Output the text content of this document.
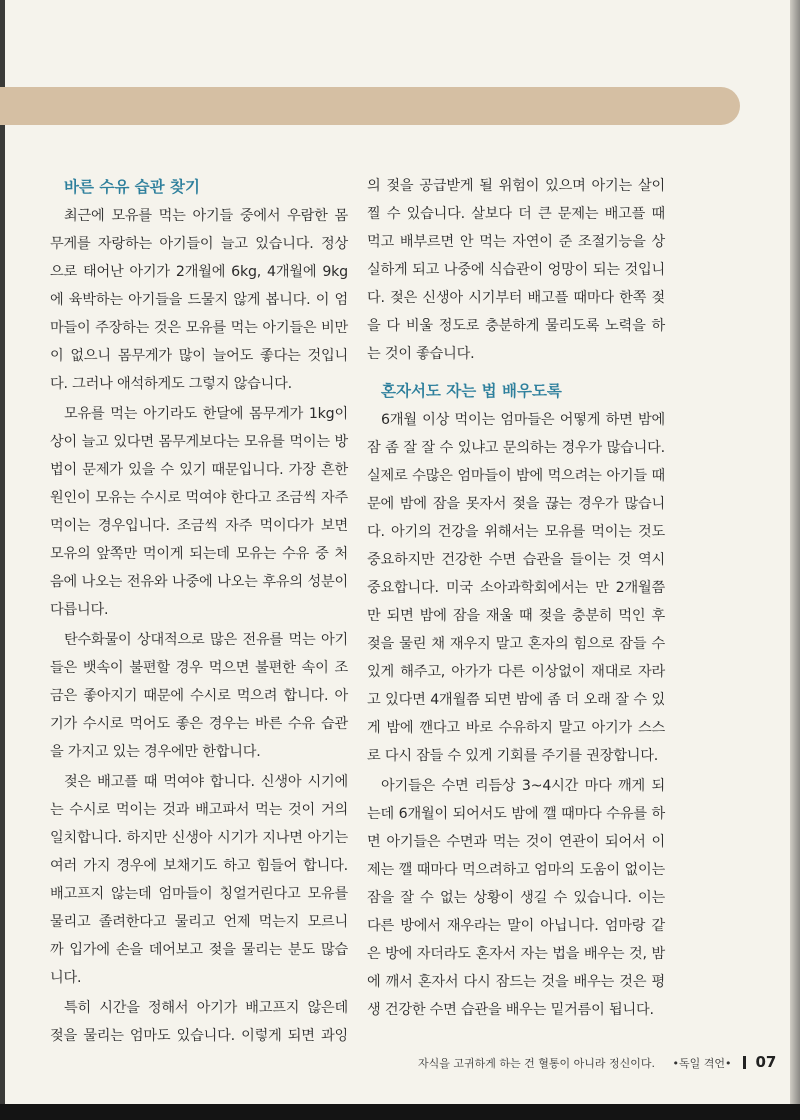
바른 수유 습관 찾기
최근에 모유를 먹는 아기들 중에서 우람한 몸
무게를 자랑하는 아기들이 늘고 있습니다. 정상
으로 태어난 아기가 2개월에 6kg, 4개월에 9kg
에 육박하는 아기들을 드물지 않게 봅니다. 이 엄
마들이 주장하는 것은 모유를 먹는 아기들은 비만
이 없으니 몸무게가 많이 늘어도 좋다는 것입니
다. 그러나 애석하게도 그렇지 않습니다.
모유를 먹는 아기라도 한달에 몸무게가 1kg이
상이 늘고 있다면 몸무게보다는 모유를 먹이는 방
법이 문제가 있을 수 있기 때문입니다. 가장 흔한
원인이 모유는 수시로 먹여야 한다고 조금씩 자주
먹이는 경우입니다. 조금씩 자주 먹이다가 보면
모유의 앞쪽만 먹이게 되는데 모유는 수유 중 처
음에 나오는 전유와 나중에 나오는 후유의 성분이
다릅니다.
탄수화물이 상대적으로 많은 전유를 먹는 아기
들은 뱃속이 불편할 경우 먹으면 불편한 속이 조
금은 좋아지기 때문에 수시로 먹으려 합니다. 아
기가 수시로 먹어도 좋은 경우는 바른 수유 습관
을 가지고 있는 경우에만 한합니다.
젖은 배고플 때 먹여야 합니다. 신생아 시기에
는 수시로 먹이는 것과 배고파서 먹는 것이 거의
일치합니다. 하지만 신생아 시기가 지나면 아기는
여러 가지 경우에 보채기도 하고 힘들어 합니다.
배고프지 않는데 엄마들이 칭얼거린다고 모유를
물리고 졸려한다고 물리고 언제 먹는지 모르니
까 입가에 손을 데어보고 젖을 물리는 분도 많습
니다.
특히 시간을 정해서 아기가 배고프지 않은데
젖을 물리는 엄마도 있습니다. 이렇게 되면 과잉
의 젖을 공급받게 될 위험이 있으며 아기는 살이
찔 수 있습니다. 살보다 더 큰 문제는 배고플 때
먹고 배부르면 안 먹는 자연이 준 조절기능을 상
실하게 되고 나중에 식습관이 엉망이 되는 것입니
다. 젖은 신생아 시기부터 배고플 때마다 한쪽 젖
을 다 비울 정도로 충분하게 물리도록 노력을 하
는 것이 좋습니다.
혼자서도 자는 법 배우도록
6개월 이상 먹이는 엄마들은 어떻게 하면 밤에
잠 좀 잘 잘 수 있냐고 문의하는 경우가 많습니다.
실제로 수많은 엄마들이 밤에 먹으려는 아기들 때
문에 밤에 잠을 못자서 젖을 끊는 경우가 많습니
다. 아기의 건강을 위해서는 모유를 먹이는 것도
중요하지만 건강한 수면 습관을 들이는 것 역시
중요합니다. 미국 소아과학회에서는 만 2개월쯤
만 되면 밤에 잠을 재울 때 젖을 충분히 먹인 후
젖을 물린 채 재우지 말고 혼자의 힘으로 잠들 수
있게 해주고, 아가가 다른 이상없이 재대로 자라
고 있다면 4개월쯤 되면 밤에 좀 더 오래 잘 수 있
게 밤에 깬다고 바로 수유하지 말고 아기가 스스
로 다시 잠들 수 있게 기회를 주기를 권장합니다.
아기들은 수면 리듬상 3~4시간 마다 깨게 되
는데 6개월이 되어서도 밤에 깰 때마다 수유를 하
면 아기들은 수면과 먹는 것이 연관이 되어서 이
제는 깰 때마다 먹으려하고 엄마의 도움이 없이는
잠을 잘 수 없는 상황이 생길 수 있습니다. 이는
다른 방에서 재우라는 말이 아닙니다. 엄마랑 같
은 방에 자더라도 혼자서 자는 법을 배우는 것, 밤
에 깨서 혼자서 다시 잠드는 것을 배우는 것은 평
생 건강한 수면 습관을 배우는 밑거름이 됩니다.
자식을 고귀하게 하는 건 혈통이 아니라 정신이다. •독일 격언• 07
